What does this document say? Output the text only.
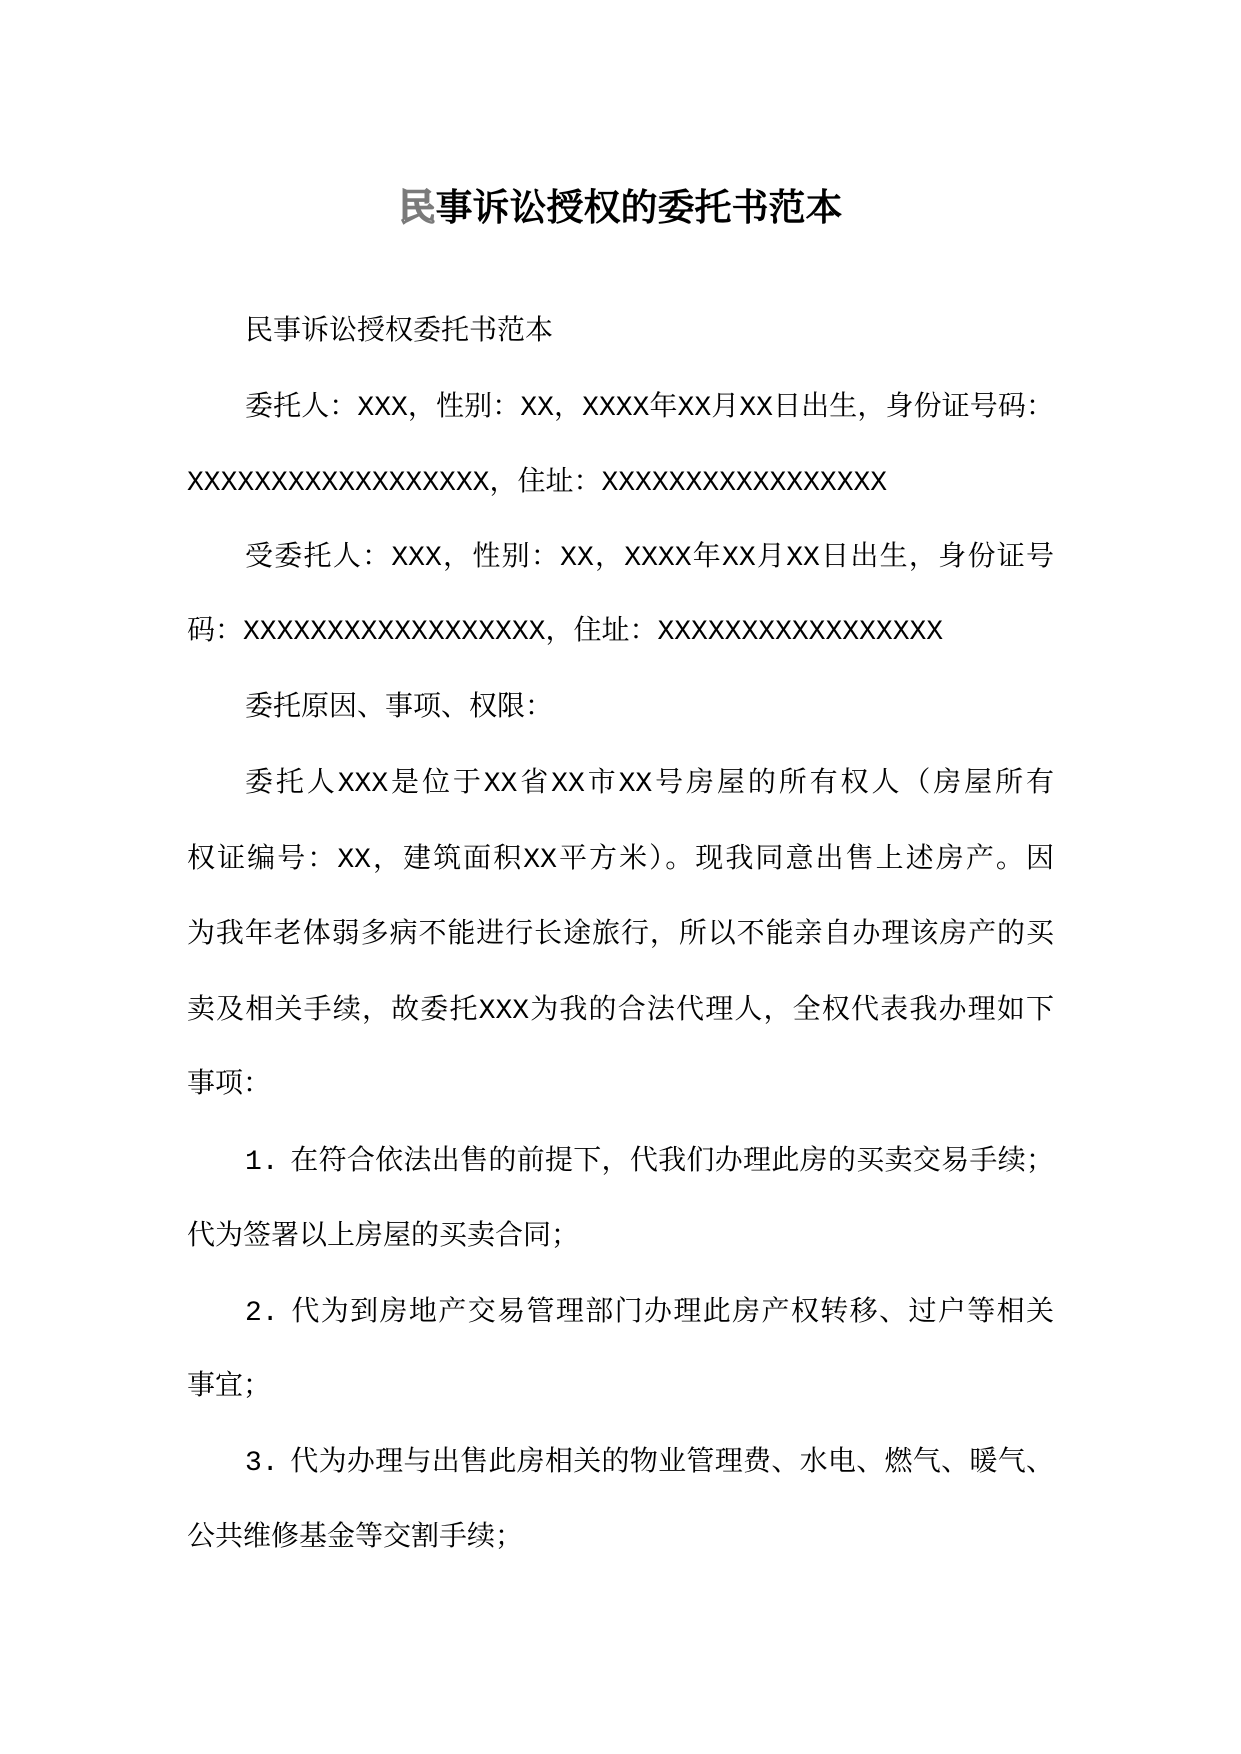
民事诉讼授权的委托书范本

民事诉讼授权委托书范本

委托人：XXX，性别：XX，XXXX年XX月XX日出生，身份证号码：

XXXXXXXXXXXXXXXXXX，住址：XXXXXXXXXXXXXXXXX

受委托人：XXX，性别：XX，XXXX年XX月XX日出生，身份证号

码：XXXXXXXXXXXXXXXXXX，住址：XXXXXXXXXXXXXXXXX

委托原因、事项、权限：

委托人XXX是位于XX省XX市XX号房屋的所有权人（房屋所有

权证编号：XX，建筑面积XX平方米）。现我同意出售上述房产。因

为我年老体弱多病不能进行长途旅行，所以不能亲自办理该房产的买

卖及相关手续，故委托XXX为我的合法代理人，全权代表我办理如下

事项：

1. 在符合依法出售的前提下，代我们办理此房的买卖交易手续；

代为签署以上房屋的买卖合同；

2. 代为到房地产交易管理部门办理此房产权转移、过户等相关

事宜；

3. 代为办理与出售此房相关的物业管理费、水电、燃气、暖气、

公共维修基金等交割手续；
